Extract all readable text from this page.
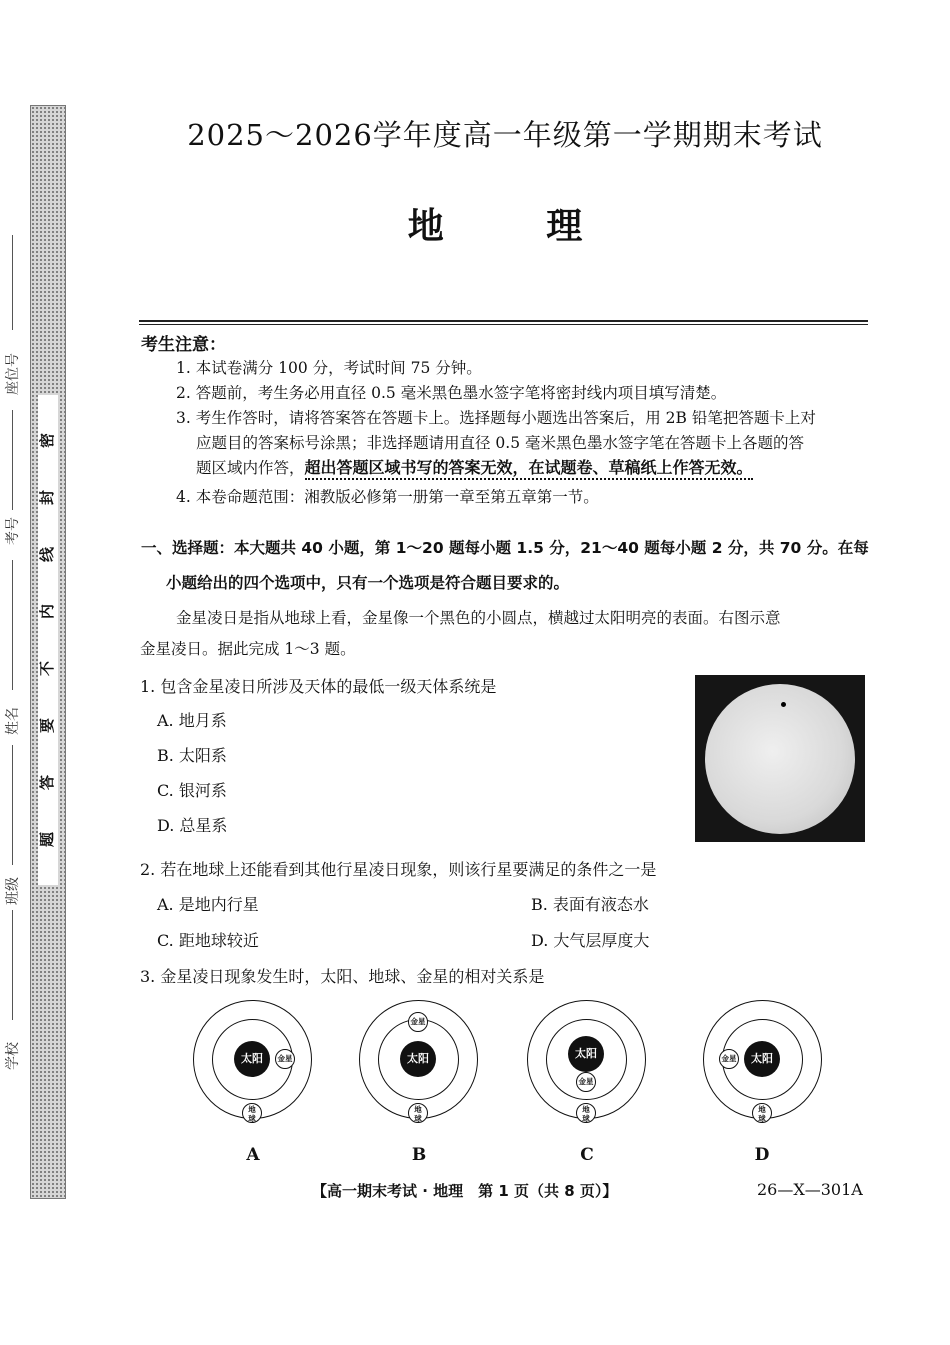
密
封
线
内
不
要
答
题
座位号
考号
姓名
班级
学校
2025～2026学年度高一年级第一学期期末考试
地	理
考生注意：
1. 本试卷满分 100 分，考试时间 75 分钟。
2. 答题前，考生务必用直径 0.5 毫米黑色墨水签字笔将密封线内项目填写清楚。
3. 考生作答时，请将答案答在答题卡上。选择题每小题选出答案后，用 2B 铅笔把答题卡上对
应题目的答案标号涂黑；非选择题请用直径 0.5 毫米黑色墨水签字笔在答题卡上各题的答
题区域内作答，超出答题区域书写的答案无效，在试题卷、草稿纸上作答无效。
4. 本卷命题范围：湘教版必修第一册第一章至第五章第一节。
一、选择题：本大题共 40 小题，第 1～20 题每小题 1.5 分，21～40 题每小题 2 分，共 70 分。在每
小题给出的四个选项中，只有一个选项是符合题目要求的。
金星凌日是指从地球上看，金星像一个黑色的小圆点，横越过太阳明亮的表面。右图示意
金星凌日。据此完成 1～3 题。
1. 包含金星凌日所涉及天体的最低一级天体系统是
A. 地月系
B. 太阳系
C. 银河系
D. 总星系
2. 若在地球上还能看到其他行星凌日现象，则该行星要满足的条件之一是
A. 是地内行星	B. 表面有液态水
C. 距地球较近	D. 大气层厚度大
3. 金星凌日现象发生时，太阳、地球、金星的相对关系是
太阳	金星
地
球
太阳
金星
地
球
太阳
金星
地
球
太阳
金星
地
球
A	B	C	D
【高一期末考试 · 地理　第 1 页（共 8 页）】	26—X—301A
